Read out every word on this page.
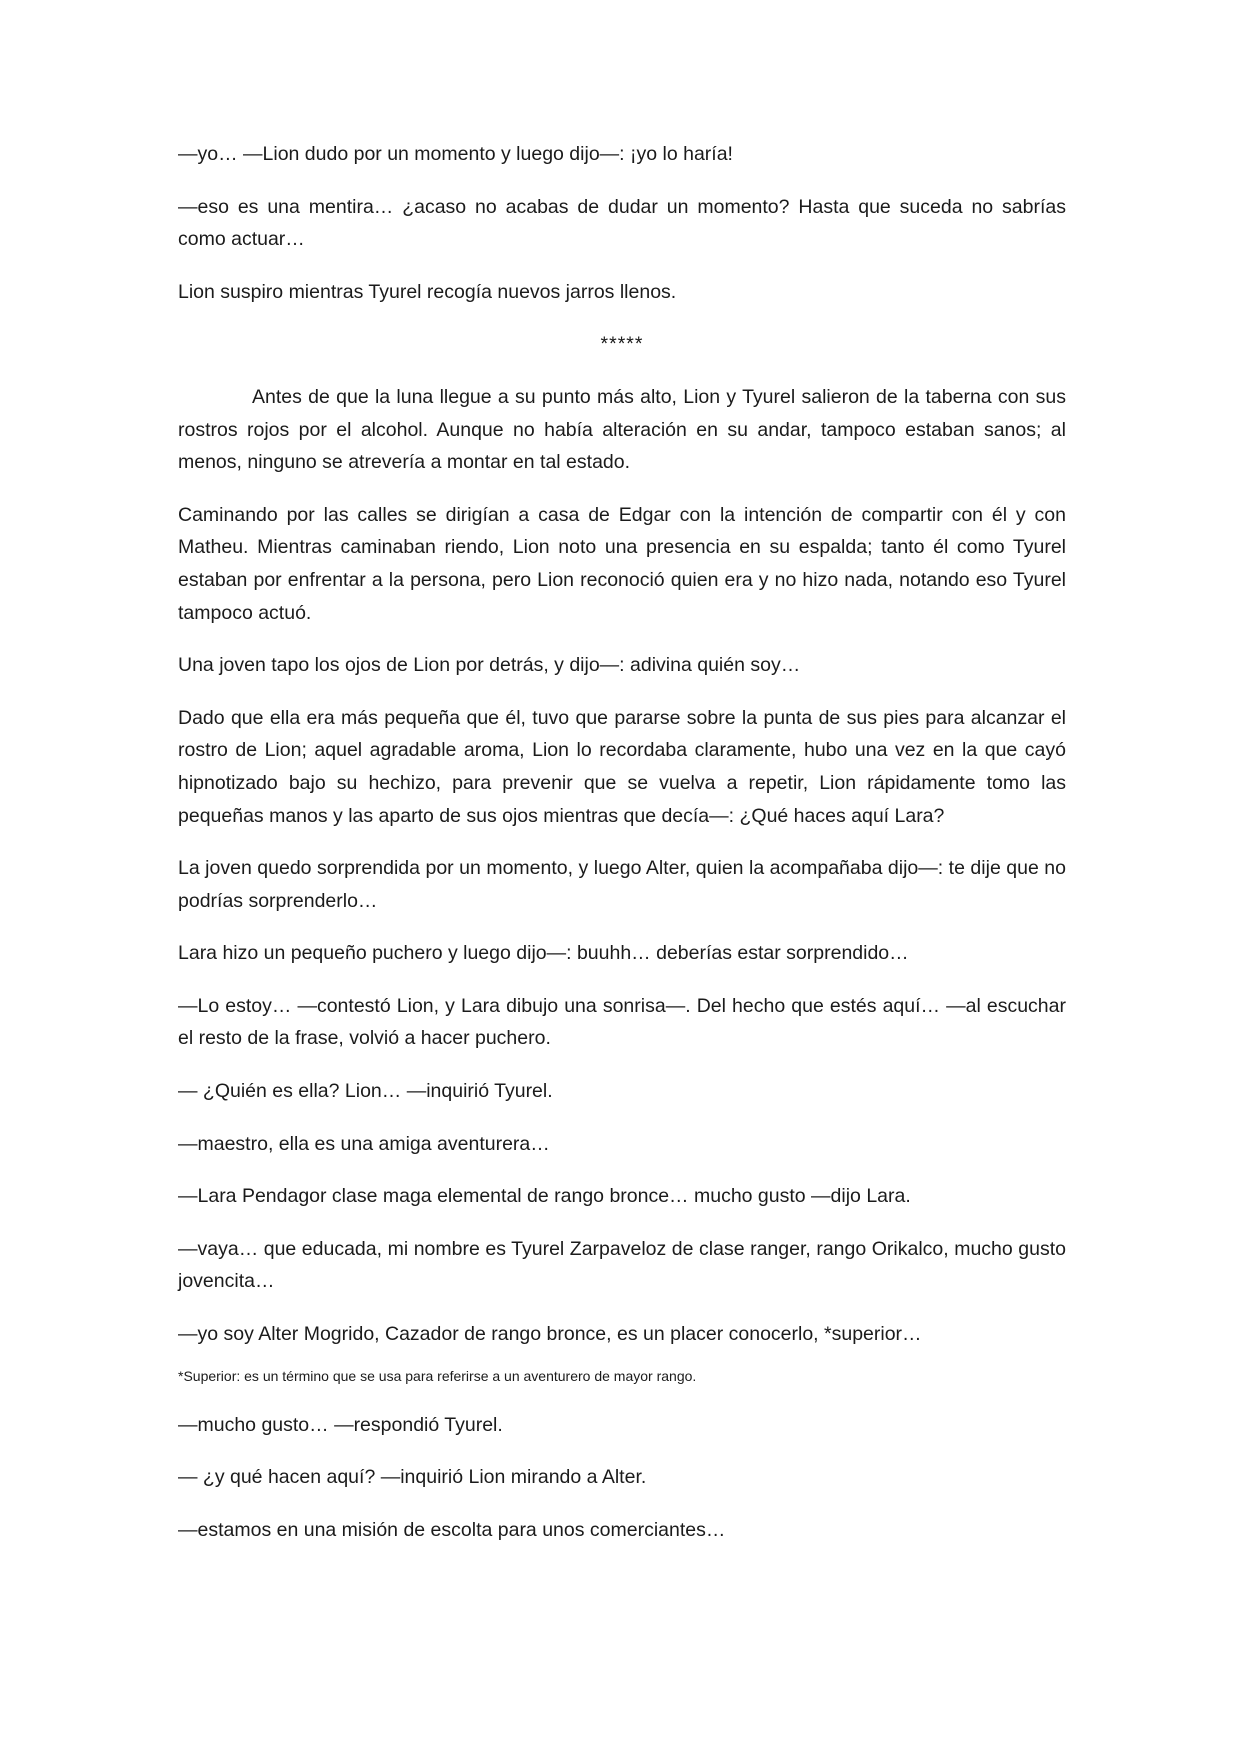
—yo… —Lion dudo por un momento y luego dijo—: ¡yo lo haría!

—eso es una mentira… ¿acaso no acabas de dudar un momento? Hasta que suceda no sabrías como actuar…

Lion suspiro mientras Tyurel recogía nuevos jarros llenos.

*****

Antes de que la luna llegue a su punto más alto, Lion y Tyurel salieron de la taberna con sus rostros rojos por el alcohol. Aunque no había alteración en su andar, tampoco estaban sanos; al menos, ninguno se atrevería a montar en tal estado.

Caminando por las calles se dirigían a casa de Edgar con la intención de compartir con él y con Matheu. Mientras caminaban riendo, Lion noto una presencia en su espalda; tanto él como Tyurel estaban por enfrentar a la persona, pero Lion reconoció quien era y no hizo nada, notando eso Tyurel tampoco actuó.

Una joven tapo los ojos de Lion por detrás, y dijo—: adivina quién soy…

Dado que ella era más pequeña que él, tuvo que pararse sobre la punta de sus pies para alcanzar el rostro de Lion; aquel agradable aroma, Lion lo recordaba claramente, hubo una vez en la que cayó hipnotizado bajo su hechizo, para prevenir que se vuelva a repetir, Lion rápidamente tomo las pequeñas manos y las aparto de sus ojos mientras que decía—: ¿Qué haces aquí Lara?

La joven quedo sorprendida por un momento, y luego Alter, quien la acompañaba dijo—: te dije que no podrías sorprenderlo…

Lara hizo un pequeño puchero y luego dijo—: buuhh… deberías estar sorprendido…

—Lo estoy… —contestó Lion, y Lara dibujo una sonrisa—. Del hecho que estés aquí… —al escuchar el resto de la frase, volvió a hacer puchero.

— ¿Quién es ella? Lion… —inquirió Tyurel.

—maestro, ella es una amiga aventurera…

—Lara Pendagor clase maga elemental de rango bronce… mucho gusto —dijo Lara.

—vaya… que educada, mi nombre es Tyurel Zarpaveloz de clase ranger, rango Orikalco, mucho gusto jovencita…

—yo soy Alter Mogrido, Cazador de rango bronce, es un placer conocerlo, *superior…

*Superior: es un término que se usa para referirse a un aventurero de mayor rango.

—mucho gusto… —respondió Tyurel.

— ¿y qué hacen aquí? —inquirió Lion mirando a Alter.

—estamos en una misión de escolta para unos comerciantes…
